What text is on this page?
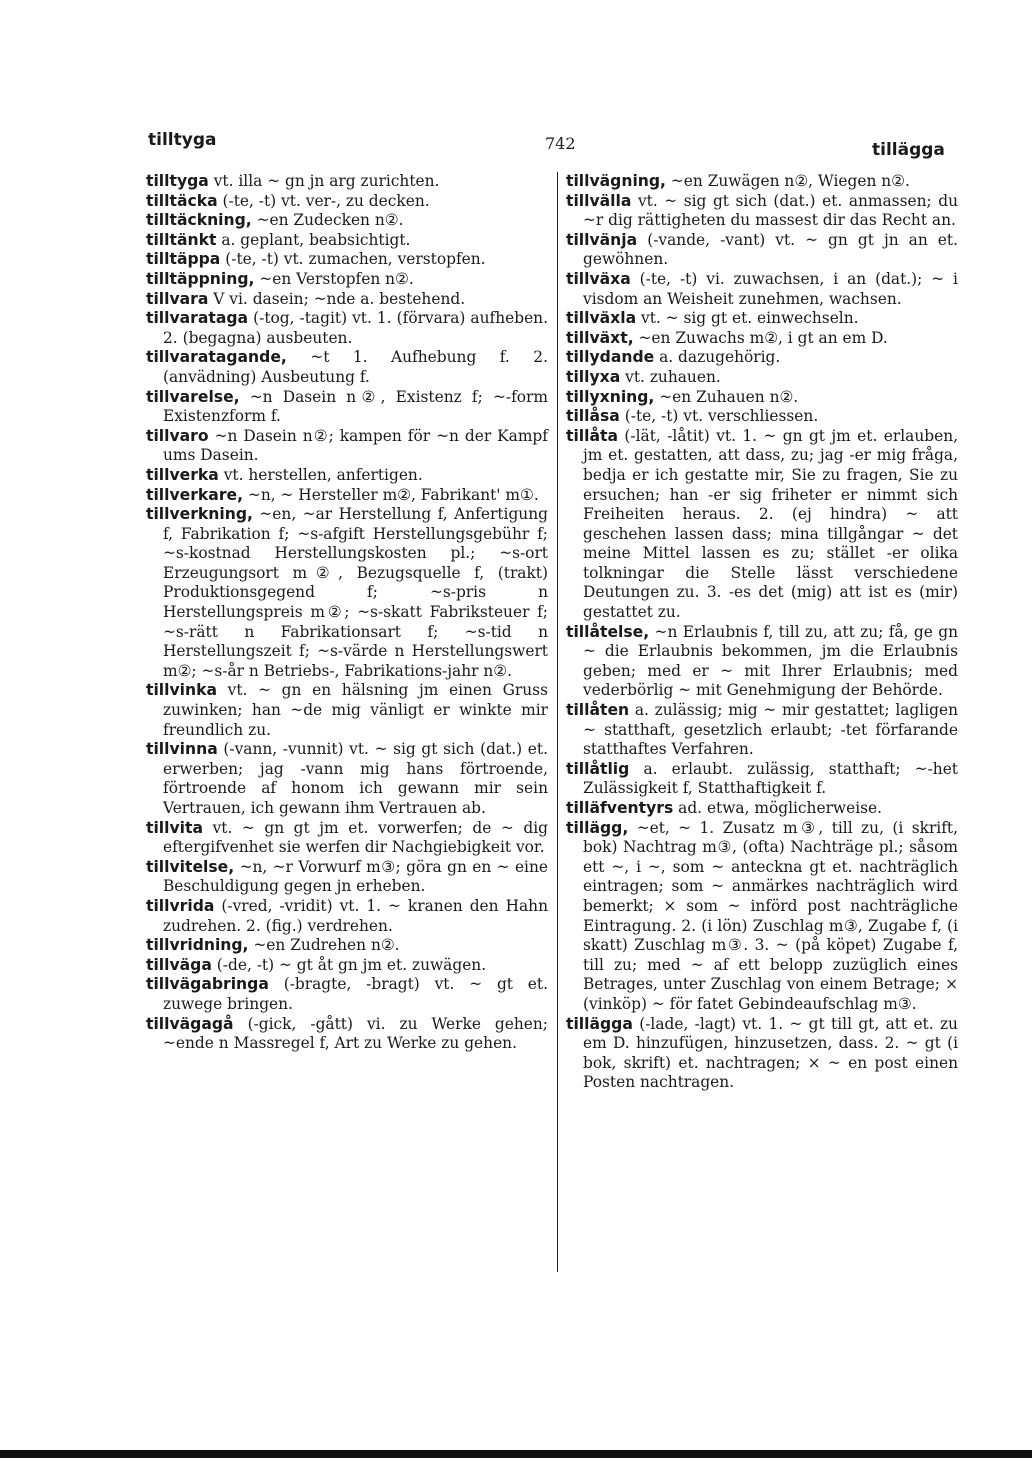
tilltyga	742	tillägga

tilltyga vt. illa ~ gn jn arg zurichten.

tilltäcka (-te, -t) vt. ver-, zu decken.

tilltäckning, ~en Zudecken n②.

tilltänkt a. geplant, beabsichtigt.

tilltäppa (-te, -t) vt. zumachen, verstopfen.

tilltäppning, ~en Verstopfen n②.

tillvara V vi. dasein; ~nde a. bestehend.

tillvarataga (-tog, -tagit) vt. 1. (förvara) aufheben. 2. (begagna) ausbeuten.

tillvaratagande, ~t 1. Aufhebung f. 2. (anvädning) Ausbeutung f.

tillvarelse, ~n Dasein n②, Existenz f; ~-form Existenzform f.

tillvaro ~n Dasein n②; kampen för ~n der Kampf ums Dasein.

tillverka vt. herstellen, anfertigen.

tillverkare, ~n, ~ Hersteller m②, Fabrikant' m①.

tillverkning, ~en, ~ar Herstellung f, Anfertigung f, Fabrikation f; ~s-afgift Herstellungsgebühr f; ~s-kostnad Herstellungskosten pl.; ~s-ort Erzeugungsort m②, Bezugsquelle f, (trakt) Produktionsgegend f; ~s-pris n Herstellungspreis m②; ~s-skatt Fabriksteuer f; ~s-rätt n Fabrikationsart f; ~s-tid n Herstellungszeit f; ~s-värde n Herstellungswert m②; ~s-år n Betriebs-, Fabrikations-jahr n②.

tillvinka vt. ~ gn en hälsning jm einen Gruss zuwinken; han ~de mig vänligt er winkte mir freundlich zu.

tillvinna (-vann, -vunnit) vt. ~ sig gt sich (dat.) et. erwerben; jag -vann mig hans förtroende, förtroende af honom ich gewann mir sein Vertrauen, ich gewann ihm Vertrauen ab.

tillvita vt. ~ gn gt jm et. vorwerfen; de ~ dig eftergifvenhet sie werfen dir Nachgiebigkeit vor.

tillvitelse, ~n, ~r Vorwurf m③; göra gn en ~ eine Beschuldigung gegen jn erheben.

tillvrida (-vred, -vridit) vt. 1. ~ kranen den Hahn zudrehen. 2. (fig.) verdrehen.

tillvridning, ~en Zudrehen n②.

tillväga (-de, -t) ~ gt åt gn jm et. zuwägen.

tillvägabringa (-bragte, -bragt) vt. ~ gt et. zuwege bringen.

tillvägagå (-gick, -gått) vi. zu Werke gehen; ~ende n Massregel f, Art zu Werke zu gehen.

tillvägning, ~en Zuwägen n②, Wiegen n②.

tillvälla vt. ~ sig gt sich (dat.) et. anmassen; du ~r dig rättigheten du massest dir das Recht an.

tillvänja (-vande, -vant) vt. ~ gn gt jn an et. gewöhnen.

tillväxa (-te, -t) vi. zuwachsen, i an (dat.); ~ i visdom an Weisheit zunehmen, wachsen.

tillväxla vt. ~ sig gt et. einwechseln.

tillväxt, ~en Zuwachs m②, i gt an em D.

tillydande a. dazugehörig.

tillyxa vt. zuhauen.

tillyxning, ~en Zuhauen n②.

tillåsa (-te, -t) vt. verschliessen.

tillåta (-lät, -låtit) vt. 1. ~ gn gt jm et. erlauben, jm et. gestatten, att dass, zu; jag -er mig fråga, bedja er ich gestatte mir, Sie zu fragen, Sie zu ersuchen; han -er sig friheter er nimmt sich Freiheiten heraus. 2. (ej hindra) ~ att geschehen lassen dass; mina tillgångar ~ det meine Mittel lassen es zu; stället -er olika tolkningar die Stelle lässt verschiedene Deutungen zu. 3. -es det (mig) att ist es (mir) gestattet zu.

tillåtelse, ~n Erlaubnis f, till zu, att zu; få, ge gn ~ die Erlaubnis bekommen, jm die Erlaubnis geben; med er ~ mit Ihrer Erlaubnis; med vederbörlig ~ mit Genehmigung der Behörde.

tillåten a. zulässig; mig ~ mir gestattet; lagligen ~ statthaft, gesetzlich erlaubt; -tet förfarande statthaftes Verfahren.

tillåtlig a. erlaubt. zulässig, statthaft; ~-het Zulässigkeit f, Statthaftigkeit f.

tilläfventyrs ad. etwa, möglicherweise.

tillägg, ~et, ~ 1. Zusatz m③, till zu, (i skrift, bok) Nachtrag m③, (ofta) Nachträge pl.; såsom ett ~, i ~, som ~ anteckna gt et. nachträglich eintragen; som ~ anmärkes nachträglich wird bemerkt; × som ~ införd post nachträgliche Eintragung. 2. (i lön) Zuschlag m③, Zugabe f, (i skatt) Zuschlag m③. 3. ~ (på köpet) Zugabe f, till zu; med ~ af ett belopp zuzüglich eines Betrages, unter Zuschlag von einem Betrage; × (vinköp) ~ för fatet Gebindeaufschlag m③.

tillägga (-lade, -lagt) vt. 1. ~ gt till gt, att et. zu em D. hinzufügen, hinzusetzen, dass. 2. ~ gt (i bok, skrift) et. nachtragen; × ~ en post einen Posten nachtragen.
